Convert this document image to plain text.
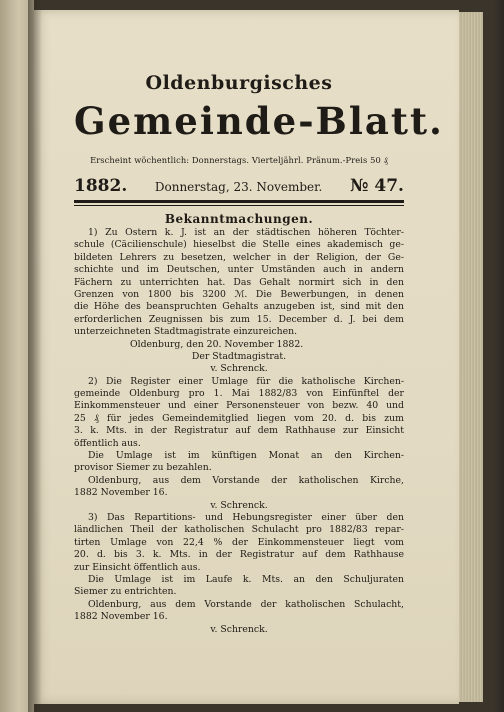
Oldenburgisches
Gemeinde-Blatt.
Erscheint wöchentlich: Donnerstags. Vierteljährl. Pränum.-Preis 50 ₰
1882. Donnerstag, 23. November. № 47.
Bekanntmachungen.
1) Zu Ostern k. J. ist an der städtischen höheren Töchter-
schule (Cäcilienschule) hieselbst die Stelle eines akademisch ge-
bildeten Lehrers zu besetzen, welcher in der Religion, der Ge-
schichte und im Deutschen, unter Umständen auch in andern
Fächern zu unterrichten hat. Das Gehalt normirt sich in den
Grenzen von 1800 bis 3200 ℳ. Die Bewerbungen, in denen
die Höhe des beanspruchten Gehalts anzugeben ist, sind mit den
erforderlichen Zeugnissen bis zum 15. December d. J. bei dem
unterzeichneten Stadtmagistrate einzureichen.
Oldenburg, den 20. November 1882.
Der Stadtmagistrat.
v. Schrenck.
2) Die Register einer Umlage für die katholische Kirchen-
gemeinde Oldenburg pro 1. Mai 1882/83 von Einfünftel der
Einkommensteuer und einer Personensteuer von bezw. 40 und
25 ₰ für jedes Gemeindemitglied liegen vom 20. d. bis zum
3. k. Mts. in der Registratur auf dem Rathhause zur Einsicht
öffentlich aus.
Die Umlage ist im künftigen Monat an den Kirchen-
provisor Siemer zu bezahlen.
Oldenburg, aus dem Vorstande der katholischen Kirche,
1882 November 16.
v. Schrenck.
3) Das Repartitions- und Hebungsregister einer über den
ländlichen Theil der katholischen Schulacht pro 1882/83 repar-
tirten Umlage von 22,4 % der Einkommensteuer liegt vom
20. d. bis 3. k. Mts. in der Registratur auf dem Rathhause
zur Einsicht öffentlich aus.
Die Umlage ist im Laufe k. Mts. an den Schuljuraten
Siemer zu entrichten.
Oldenburg, aus dem Vorstande der katholischen Schulacht,
1882 November 16.
v. Schrenck.
